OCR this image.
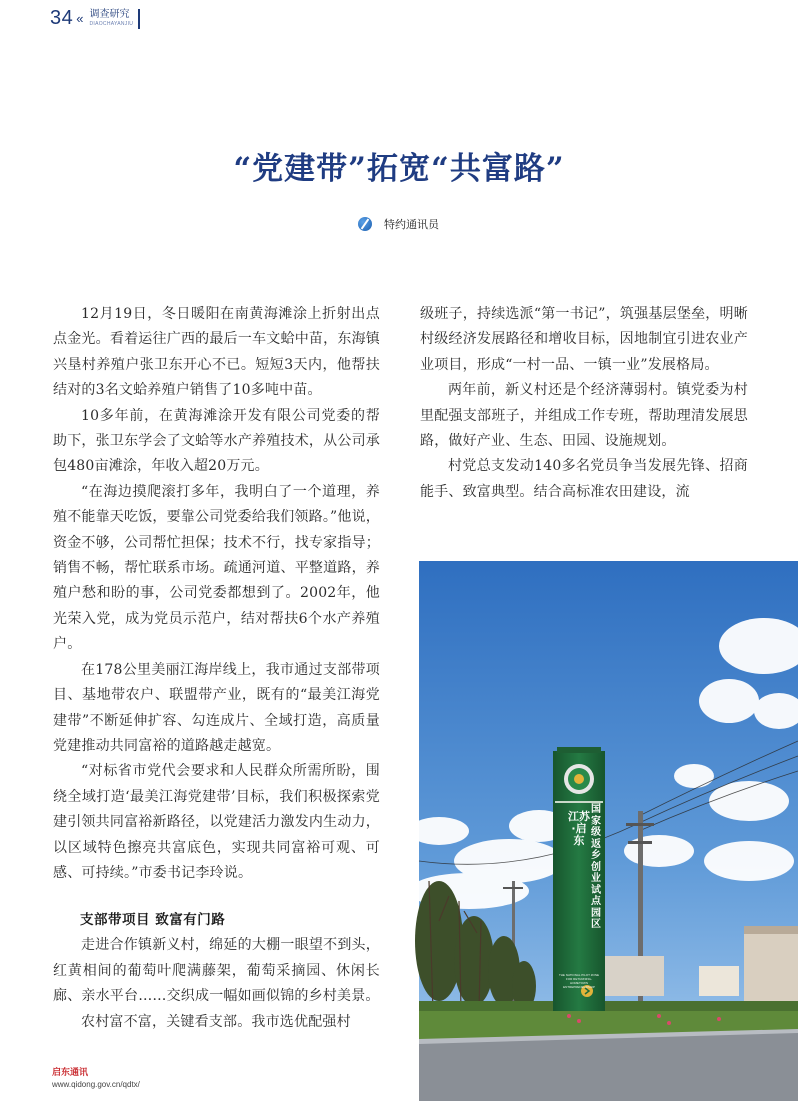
34 « 调查研究
DIAOCHAYANJIU
“党建带”拓宽“共富路”
特约通讯员

12月19日，冬日暖阳在南黄海滩涂上折射出点点金光。看着运往广西的最后一车文蛤中苗，东海镇兴垦村养殖户张卫东开心不已。短短3天内，他帮扶结对的3名文蛤养殖户销售了10多吨中苗。

10多年前，在黄海滩涂开发有限公司党委的帮助下，张卫东学会了文蛤等水产养殖技术，从公司承包480亩滩涂，年收入超20万元。

“在海边摸爬滚打多年，我明白了一个道理，养殖不能靠天吃饭，要靠公司党委给我们领路。”他说，资金不够，公司帮忙担保；技术不行，找专家指导；销售不畅，帮忙联系市场。疏通河道、平整道路，养殖户愁和盼的事，公司党委都想到了。2002年，他光荣入党，成为党员示范户，结对帮扶6个水产养殖户。

在178公里美丽江海岸线上，我市通过支部带项目、基地带农户、联盟带产业，既有的“最美江海党建带”不断延伸扩容、勾连成片、全域打造，高质量党建推动共同富裕的道路越走越宽。

“对标省市党代会要求和人民群众所需所盼，围绕全域打造‘最美江海党建带’目标，我们积极探索党建引领共同富裕新路径，以党建活力激发内生动力，以区域特色擦亮共富底色，实现共同富裕可观、可感、可持续。”市委书记李玲说。

支部带项目 致富有门路

走进合作镇新义村，绵延的大棚一眼望不到头，红黄相间的葡萄叶爬满藤架，葡萄采摘园、休闲长廊、亲水平台……交织成一幅如画似锦的乡村美景。

农村富不富，关键看支部。我市选优配强村

级班子，持续选派“第一书记”，筑强基层堡垒，明晰村级经济发展路径和增收目标，因地制宜引进农业产业项目，形成“一村一品、一镇一业”发展格局。

两年前，新义村还是个经济薄弱村。镇党委为村里配强支部班子，并组成工作专班，帮助理清发展思路，做好产业、生态、田园、设施规划。

村党总支发动140多名党员争当发展先锋、招商能手、致富典型。结合高标准农田建设，流

江苏·启东
国家级返乡创业试点园区
THE NATIONAL PILOT ZONE FOR RETURNING-HOMETOWN ENTREPRENEURSHIP
启东通讯
www.qidong.gov.cn/qdtx/
